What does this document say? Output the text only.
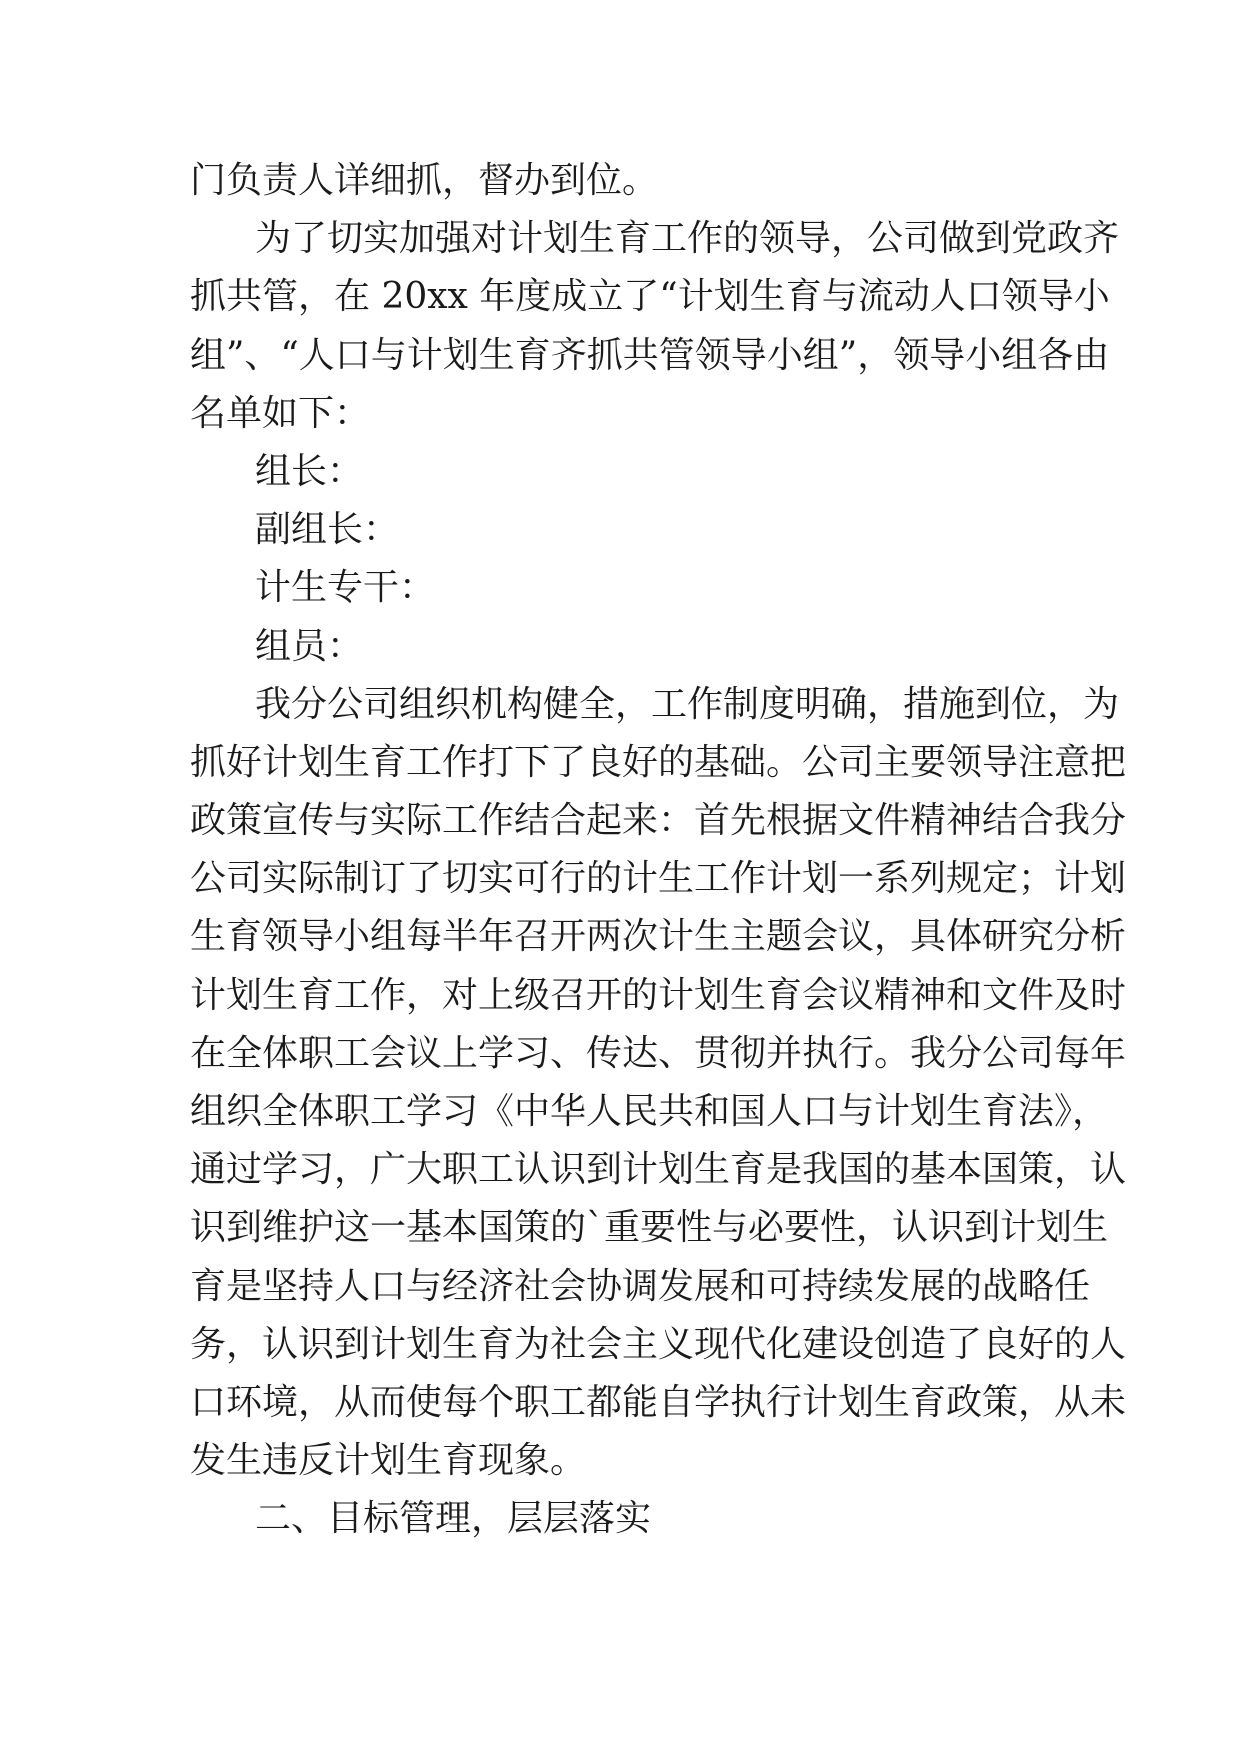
门负责人详细抓，督办到位。
为了切实加强对计划生育工作的领导，公司做到党政齐
抓共管，在 20xx 年度成立了“计划生育与流动人口领导小
组”、“人口与计划生育齐抓共管领导小组”，领导小组各由
名单如下：
组长：
副组长：
计生专干：
组员：
我分公司组织机构健全，工作制度明确，措施到位，为
抓好计划生育工作打下了良好的基础。公司主要领导注意把
政策宣传与实际工作结合起来：首先根据文件精神结合我分
公司实际制订了切实可行的计生工作计划一系列规定；计划
生育领导小组每半年召开两次计生主题会议，具体研究分析
计划生育工作，对上级召开的计划生育会议精神和文件及时
在全体职工会议上学习、传达、贯彻并执行。我分公司每年
组织全体职工学习《中华人民共和国人口与计划生育法》，
通过学习，广大职工认识到计划生育是我国的基本国策，认
识到维护这一基本国策的`重要性与必要性，认识到计划生
育是坚持人口与经济社会协调发展和可持续发展的战略任
务，认识到计划生育为社会主义现代化建设创造了良好的人
口环境，从而使每个职工都能自学执行计划生育政策，从未
发生违反计划生育现象。
二、目标管理，层层落实
